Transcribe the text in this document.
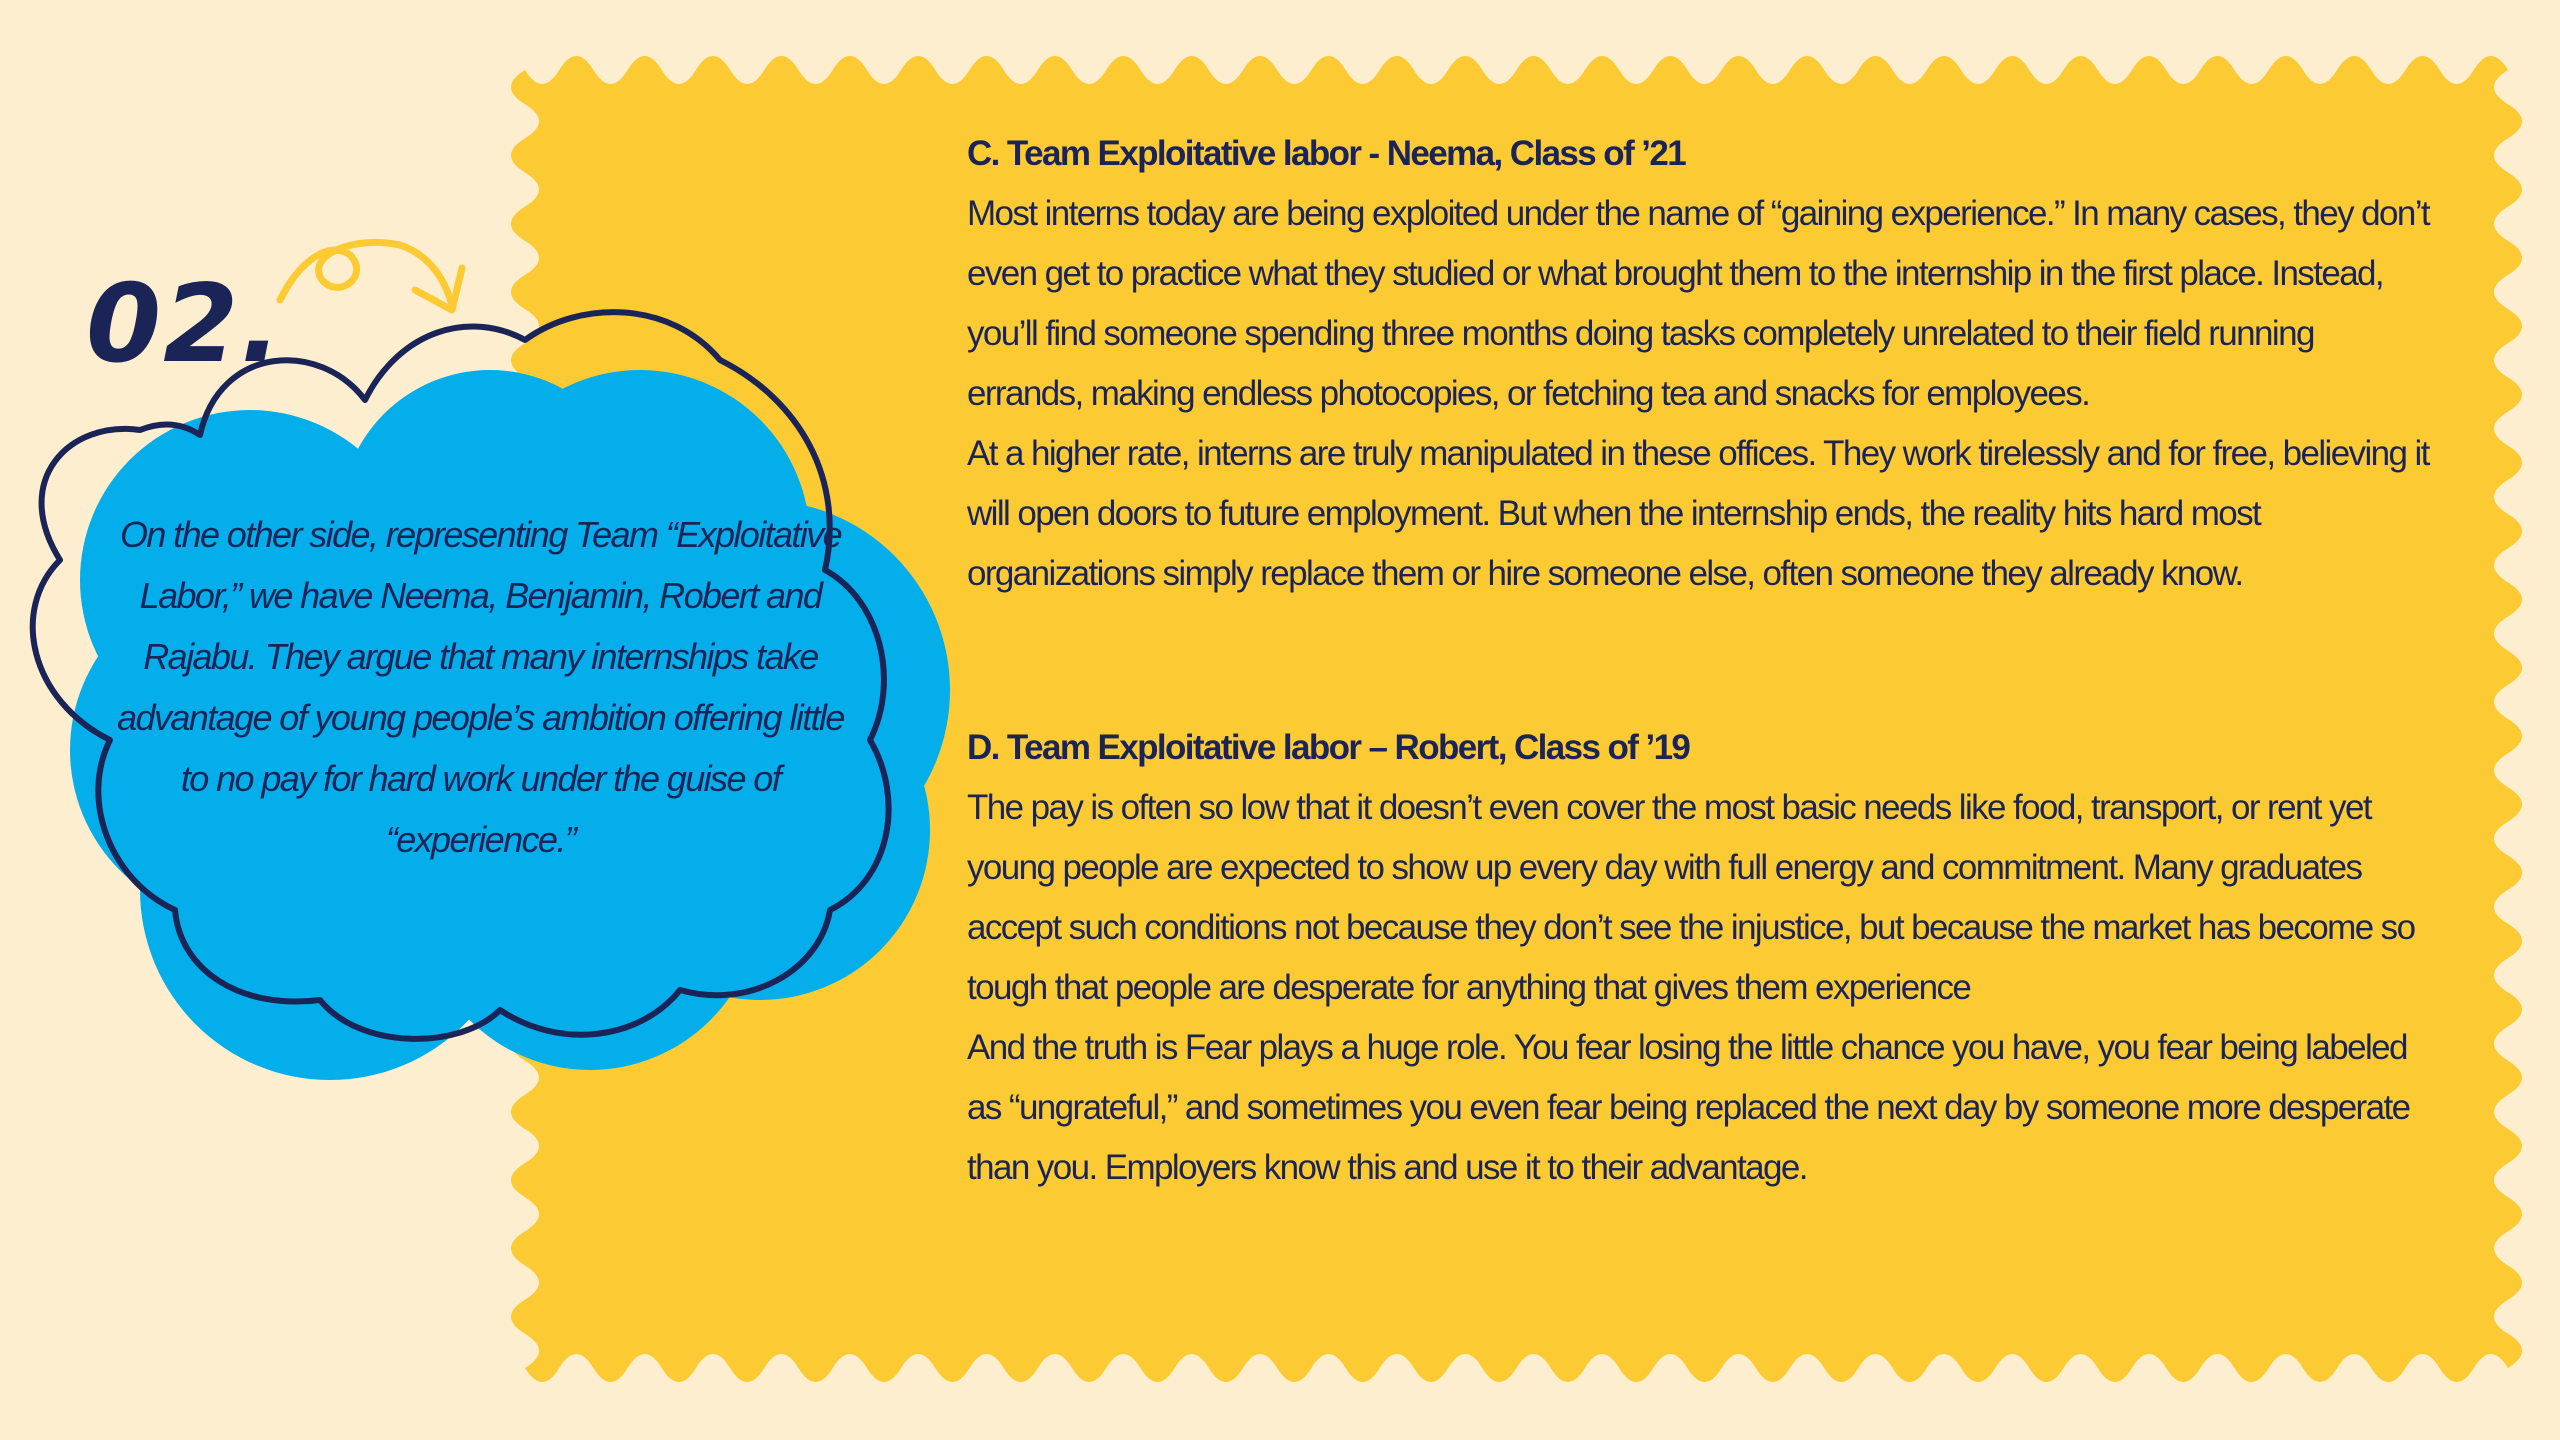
02.
On the other side, representing Team “Exploitative Labor,” we have Neema, Benjamin, Robert and Rajabu. They argue that many internships take advantage of young people’s ambition offering little to no pay for hard work under the guise of “experience.”
C. Team Exploitative labor - Neema, Class of ’21
Most interns today are being exploited under the name of “gaining experience.” In many cases, they don’t even get to practice what they studied or what brought them to the internship in the first place. Instead, you’ll find someone spending three months doing tasks completely unrelated to their field running errands, making endless photocopies, or fetching tea and snacks for employees.
At a higher rate, interns are truly manipulated in these offices. They work tirelessly and for free, believing it will open doors to future employment. But when the internship ends, the reality hits hard most organizations simply replace them or hire someone else, often someone they already know.
D. Team Exploitative labor – Robert, Class of ’19
The pay is often so low that it doesn’t even cover the most basic needs like food, transport, or rent yet young people are expected to show up every day with full energy and commitment. Many graduates accept such conditions not because they don’t see the injustice, but because the market has become so tough that people are desperate for anything that gives them experience
And the truth is Fear plays a huge role. You fear losing the little chance you have, you fear being labeled as “ungrateful,” and sometimes you even fear being replaced the next day by someone more desperate than you. Employers know this and use it to their advantage.
